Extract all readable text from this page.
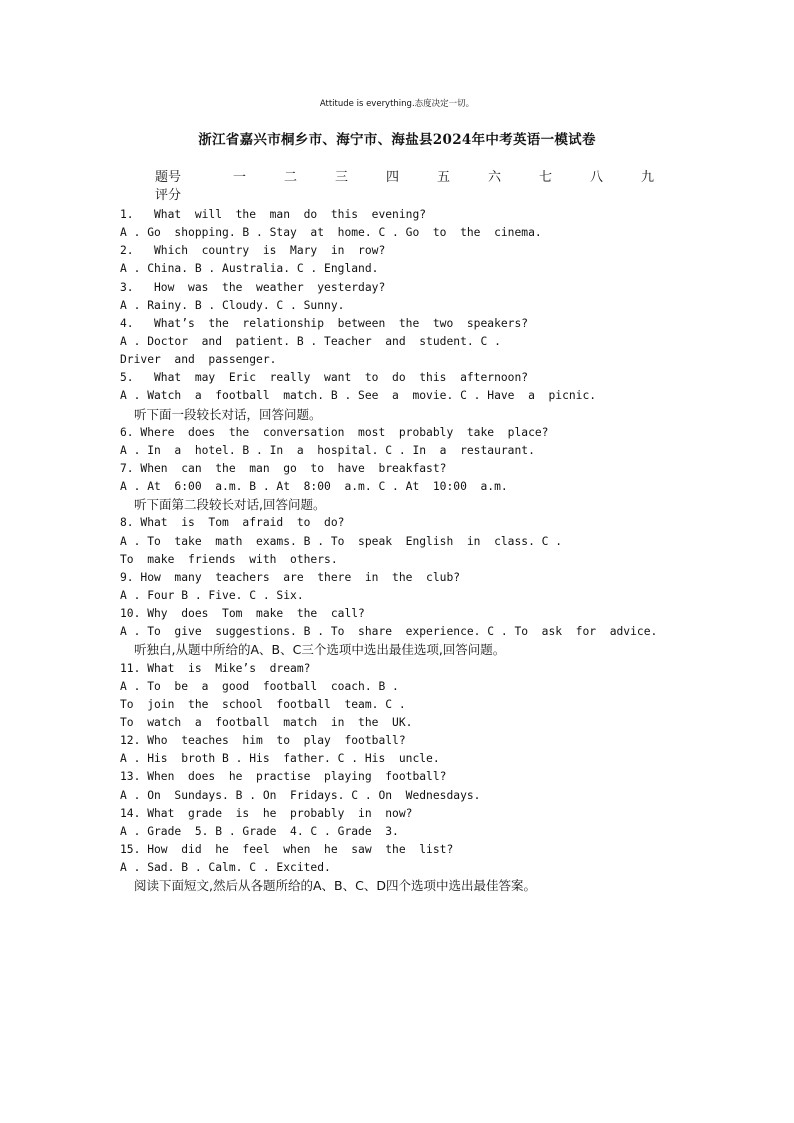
Attitude is everything.态度决定一切。
浙江省嘉兴市桐乡市、海宁市、海盐县2024年中考英语一模试卷
题号	一	二	三	四	五	六	七	八	九
评分
1.   What  will  the  man  do  this  evening?
A . Go  shopping. B . Stay  at  home. C . Go  to  the  cinema.
2.   Which  country  is  Mary  in  row?
A . China. B . Australia. C . England.
3.   How  was  the  weather  yesterday?
A . Rainy. B . Cloudy. C . Sunny.
4.   What’s  the  relationship  between  the  two  speakers?
A . Doctor  and  patient. B . Teacher  and  student. C .
Driver  and  passenger.
5.   What  may  Eric  really  want  to  do  this  afternoon?
A . Watch  a  football  match. B . See  a  movie. C . Have  a  picnic.
听下面一段较长对话，回答问题。
6. Where  does  the  conversation  most  probably  take  place?
A . In  a  hotel. B . In  a  hospital. C . In  a  restaurant.
7. When  can  the  man  go  to  have  breakfast?
A . At  6:00  a.m. B . At  8:00  a.m. C . At  10:00  a.m.
听下面第二段较长对话,回答问题。
8. What  is  Tom  afraid  to  do?
A . To  take  math  exams. B . To  speak  English  in  class. C .
To  make  friends  with  others.
9. How  many  teachers  are  there  in  the  club?
A . Four B . Five. C . Six.
10. Why  does  Tom  make  the  call?
A . To  give  suggestions. B . To  share  experience. C . To  ask  for  advice.
听独白,从题中所给的A、B、C三个选项中选出最佳选项,回答问题。
11. What  is  Mike’s  dream?
A . To  be  a  good  football  coach. B .
To  join  the  school  football  team. C .
To  watch  a  football  match  in  the  UK.
12. Who  teaches  him  to  play  football?
A . His  broth B . His  father. C . His  uncle.
13. When  does  he  practise  playing  football?
A . On  Sundays. B . On  Fridays. C . On  Wednesdays.
14. What  grade  is  he  probably  in  now?
A . Grade  5. B . Grade  4. C . Grade  3.
15. How  did  he  feel  when  he  saw  the  list?
A . Sad. B . Calm. C . Excited.
阅读下面短文,然后从各题所给的A、B、C、D四个选项中选出最佳答案。
